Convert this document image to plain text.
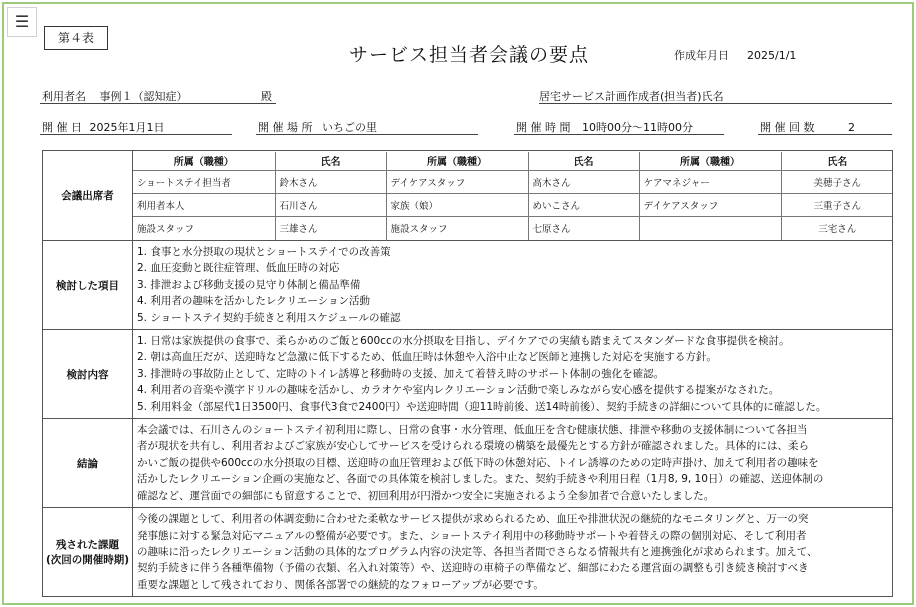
☰
第４表
サービス担当者会議の要点	作成年月日 2025/1/1
利用者名 事例１（認知症）	殿	居宅サービス計画作成者(担当者)氏名
開 催 日 2025年1月1日	開 催 場 所 いちごの里	開 催 時 間 10時00分～11時00分	開 催 回 数	2
会議出席者	
所属（職種）	氏名	所属（職種）	氏名	所属（職種）	氏名
ショートステイ担当者	鈴木さん	デイケアスタッフ	高木さん	ケアマネジャー	美穂子さん
利用者本人	石川さん	家族（娘）	めいこさん	デイケアスタッフ	三重子さん
施設スタッフ	三雄さん	施設スタッフ	七原さん		三宅さん

検討した項目	
1. 食事と水分摂取の現状とショートステイでの改善策
2. 血圧変動と既往症管理、低血圧時の対応
3. 排泄および移動支援の見守り体制と備品準備
4. 利用者の趣味を活かしたレクリエーション活動
5. ショートステイ契約手続きと利用スケジュールの確認

検討内容	
1. 日常は家族提供の食事で、柔らかめのご飯と600ccの水分摂取を目指し、デイケアでの実績も踏まえてスタンダードな食事提供を検討。
2. 朝は高血圧だが、送迎時など急激に低下するため、低血圧時は休憩や入浴中止など医師と連携した対応を実施する方針。
3. 排泄時の事故防止として、定時のトイレ誘導と移動時の支援、加えて着替え時のサポート体制の強化を確認。
4. 利用者の音楽や漢字ドリルの趣味を活かし、カラオケや室内レクリエーション活動で楽しみながら安心感を提供する提案がなされた。
5. 利用料金（部屋代1日3500円、食事代3食で2400円）や送迎時間（迎11時前後、送14時前後）、契約手続きの詳細について具体的に確認した。

結論	
本会議では、石川さんのショートステイ初利用に際し、日常の食事・水分管理、低血圧を含む健康状態、排泄や移動の支援体制について各担当
者が現状を共有し、利用者およびご家族が安心してサービスを受けられる環境の構築を最優先とする方針が確認されました。具体的には、柔ら
かいご飯の提供や600ccの水分摂取の目標、送迎時の血圧管理および低下時の休憩対応、トイレ誘導のための定時声掛け、加えて利用者の趣味を
活かしたレクリエーション企画の実施など、各面での具体策を検討しました。また、契約手続きや利用日程（1月8, 9, 10日）の確認、送迎体制の
確認など、運営面での細部にも留意することで、初回利用が円滑かつ安全に実施されるよう全参加者で合意いたしました。

残された課題
(次回の開催時期)

今後の課題として、利用者の体調変動に合わせた柔軟なサービス提供が求められるため、血圧や排泄状況の継続的なモニタリングと、万一の突
発事態に対する緊急対応マニュアルの整備が必要です。また、ショートステイ利用中の移動時サポートや着替えの際の個別対応、そして利用者
の趣味に沿ったレクリエーション活動の具体的なプログラム内容の決定等、各担当者間でさらなる情報共有と連携強化が求められます。加えて、
契約手続きに伴う各種準備物（予備の衣類、名入れ対策等）や、送迎時の車椅子の準備など、細部にわたる運営面の調整も引き続き検討すべき
重要な課題として残されており、関係各部署での継続的なフォローアップが必要です。
